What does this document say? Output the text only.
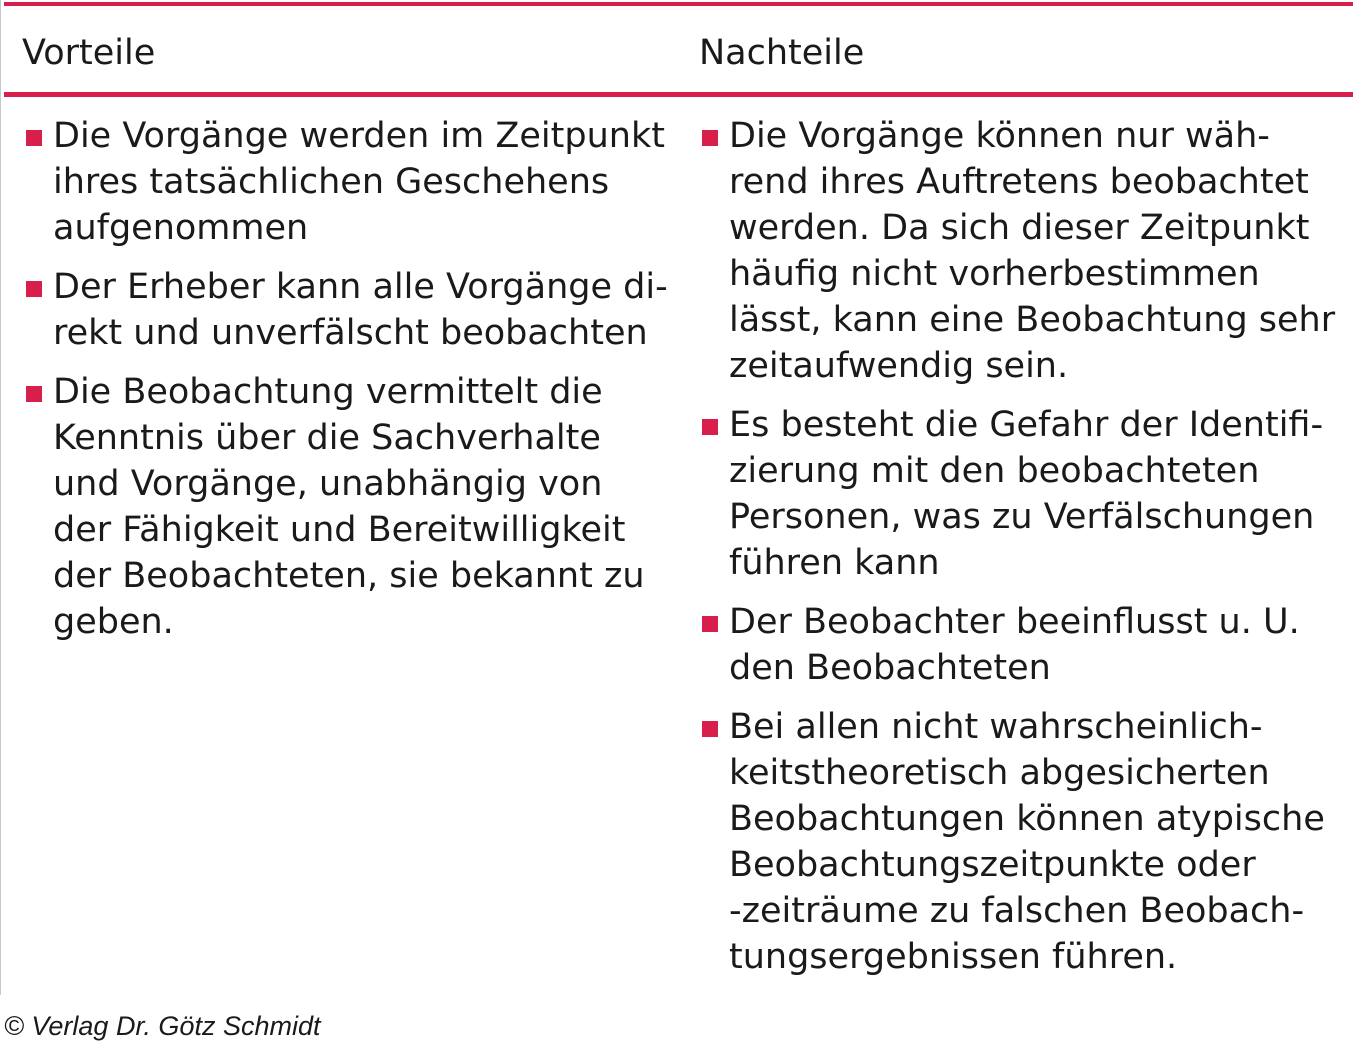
Vorteile	Nachteile
Die Vorgänge werden im Zeitpunkt
ihres tatsächlichen Geschehens
aufgenommen
Der Erheber kann alle Vorgänge di-
rekt und unverfälscht beobachten
Die Beobachtung vermittelt die
Kenntnis über die Sachverhalte
und Vorgänge, unabhängig von
der Fähigkeit und Bereitwilligkeit
der Beobachteten, sie bekannt zu
geben.
Die Vorgänge können nur wäh-
rend ihres Auftretens beobachtet
werden. Da sich dieser Zeitpunkt
häufig nicht vorherbestimmen
lässt, kann eine Beobachtung sehr
zeitaufwendig sein.
Es besteht die Gefahr der Identifi-
zierung mit den beobachteten
Personen, was zu Verfälschungen
führen kann
Der Beobachter beeinflusst u. U.
den Beobachteten
Bei allen nicht wahrscheinlich-
keitstheoretisch abgesicherten
Beobachtungen können atypische
Beobachtungszeitpunkte oder
-zeiträume zu falschen Beobach-
tungsergebnissen führen.
© Verlag Dr. Götz Schmidt
